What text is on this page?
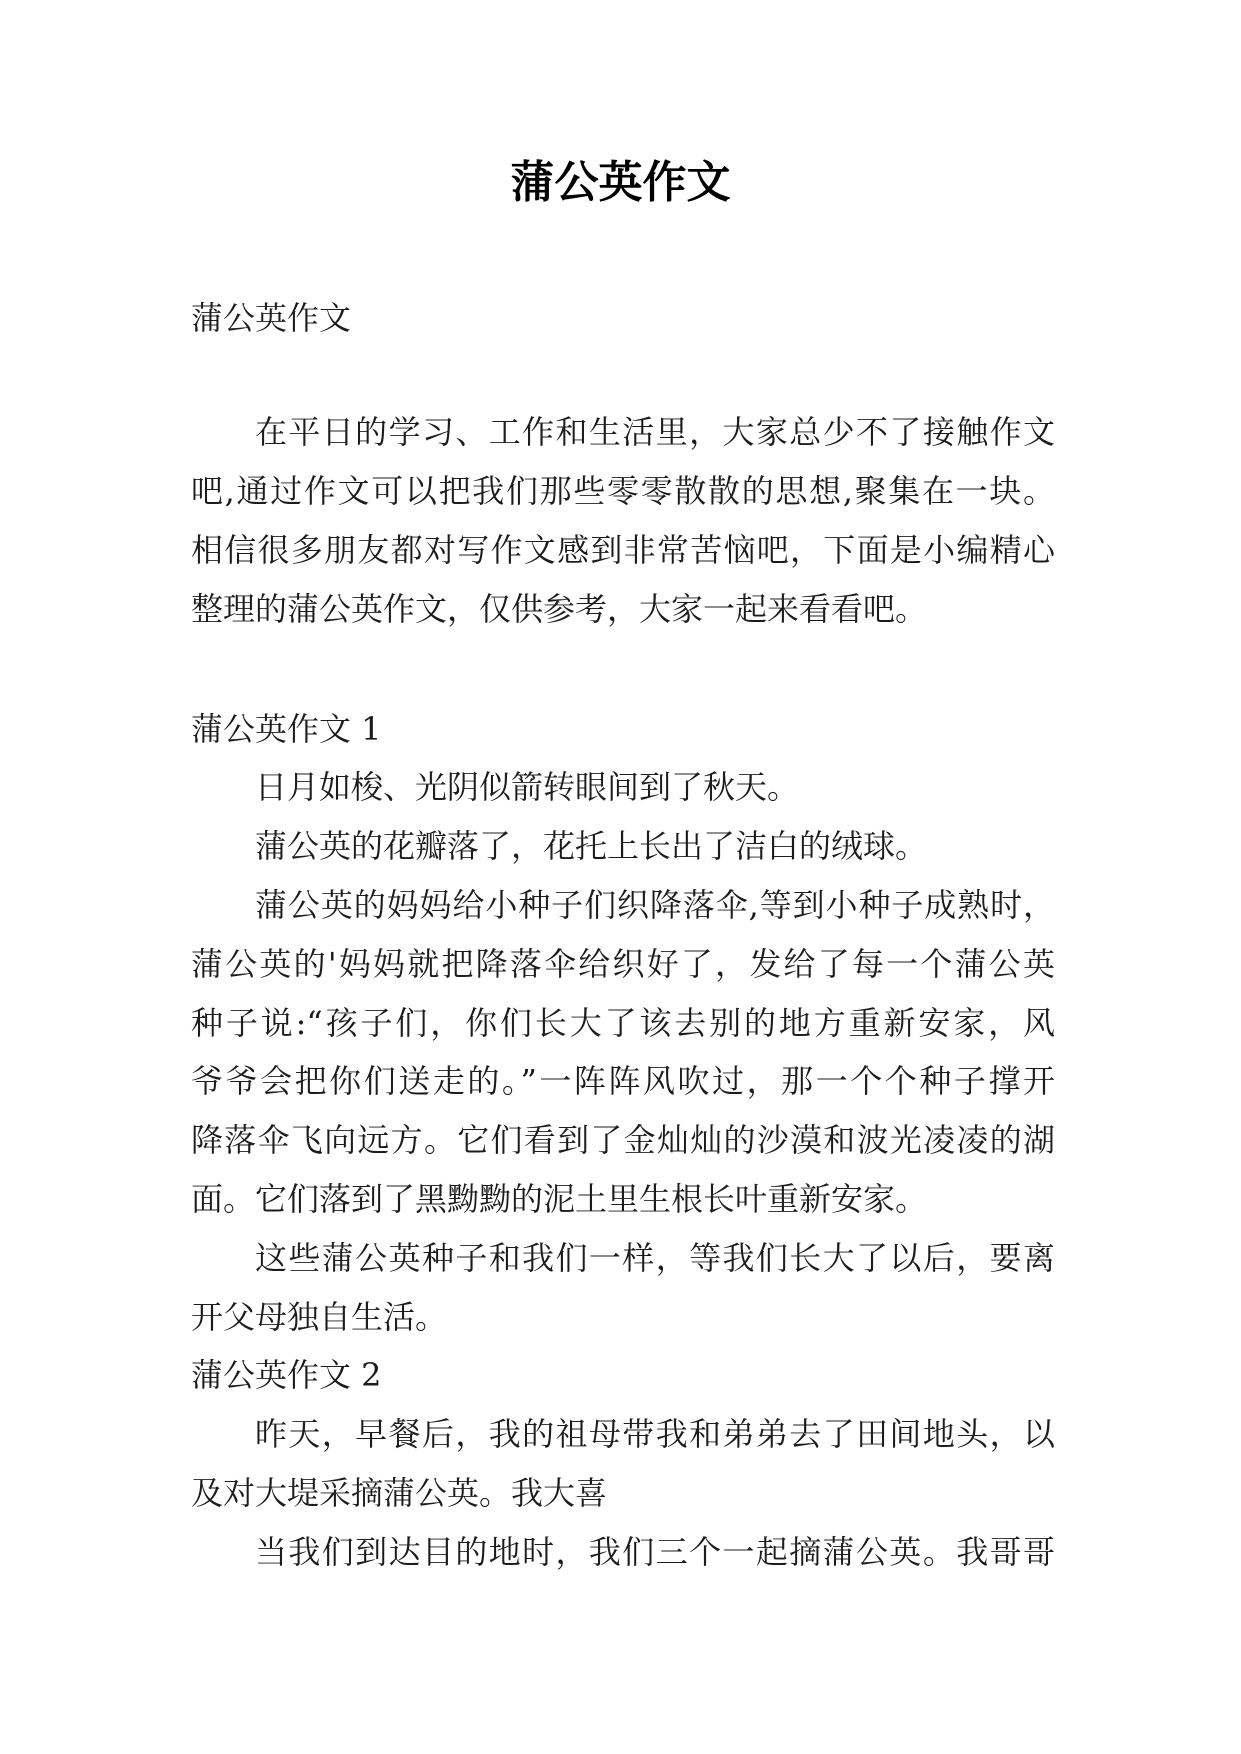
蒲公英作文
蒲公英作文
在平日的学习、工作和生活里，大家总少不了接触作文
吧,通过作文可以把我们那些零零散散的思想,聚集在一块。
相信很多朋友都对写作文感到非常苦恼吧，下面是小编精心
整理的蒲公英作文，仅供参考，大家一起来看看吧。
蒲公英作文 1
日月如梭、光阴似箭转眼间到了秋天。
蒲公英的花瓣落了，花托上长出了洁白的绒球。
蒲公英的妈妈给小种子们织降落伞,等到小种子成熟时，
蒲公英的'妈妈就把降落伞给织好了，发给了每一个蒲公英
种子说:“孩子们，你们长大了该去别的地方重新安家，风
爷爷会把你们送走的。”一阵阵风吹过，那一个个种子撑开
降落伞飞向远方。它们看到了金灿灿的沙漠和波光凌凌的湖
面。它们落到了黑黝黝的泥土里生根长叶重新安家。
这些蒲公英种子和我们一样，等我们长大了以后，要离
开父母独自生活。
蒲公英作文 2
昨天，早餐后，我的祖母带我和弟弟去了田间地头，以
及对大堤采摘蒲公英。我大喜
当我们到达目的地时，我们三个一起摘蒲公英。我哥哥
